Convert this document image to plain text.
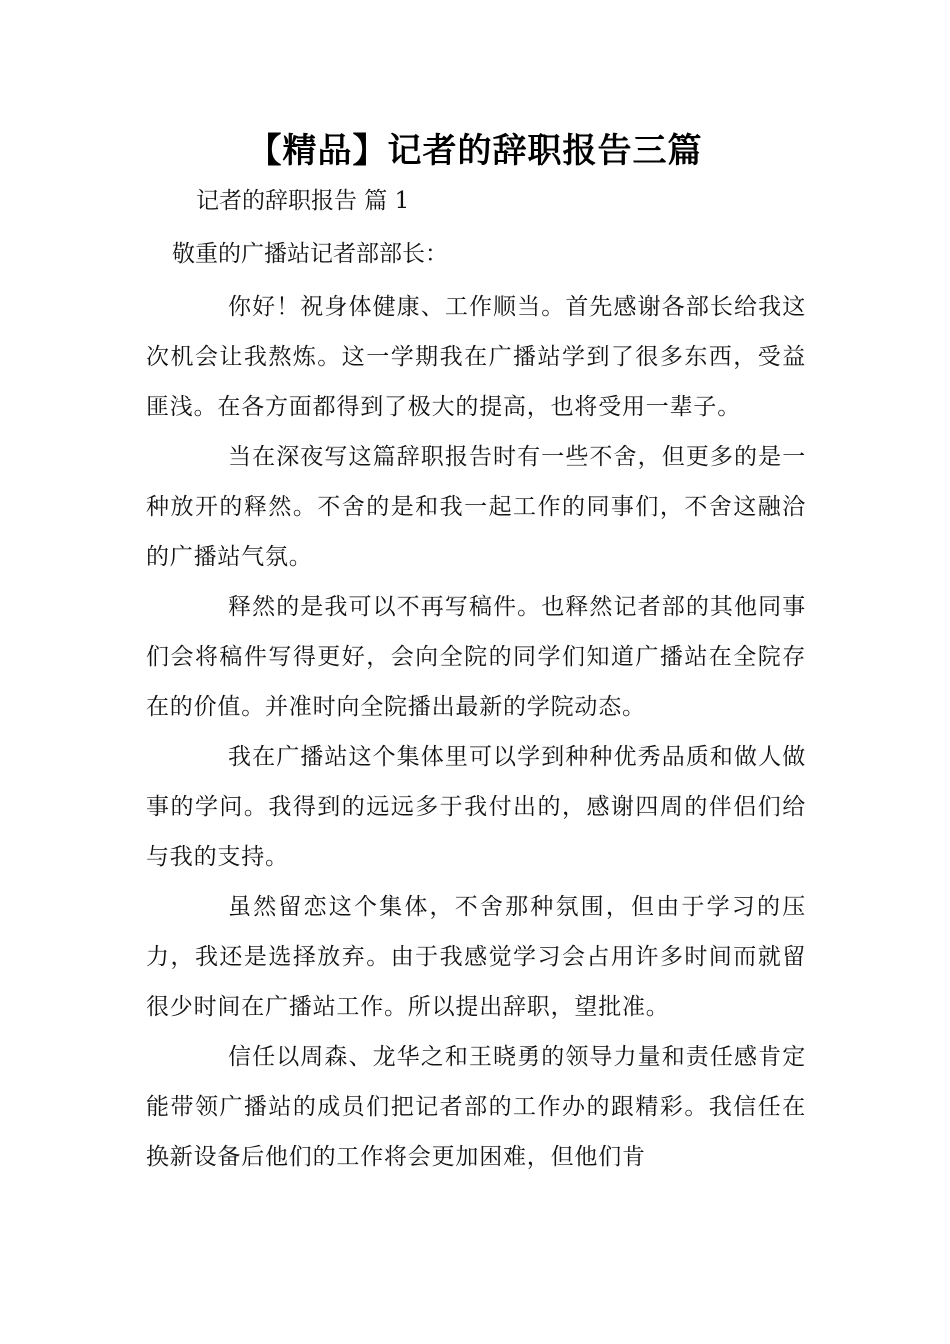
【精品】记者的辞职报告三篇
记者的辞职报告 篇 1
敬重的广播站记者部部长：

你好！祝身体健康、工作顺当。首先感谢各部长给我这次机会让我熬炼。这一学期我在广播站学到了很多东西，受益匪浅。在各方面都得到了极大的提高，也将受用一辈子。

当在深夜写这篇辞职报告时有一些不舍，但更多的是一种放开的释然。不舍的是和我一起工作的同事们，不舍这融洽的广播站气氛。

释然的是我可以不再写稿件。也释然记者部的其他同事们会将稿件写得更好，会向全院的同学们知道广播站在全院存在的价值。并准时向全院播出最新的学院动态。

我在广播站这个集体里可以学到种种优秀品质和做人做事的学问。我得到的远远多于我付出的，感谢四周的伴侣们给与我的支持。

虽然留恋这个集体，不舍那种氛围，但由于学习的压力，我还是选择放弃。由于我感觉学习会占用许多时间而就留很少时间在广播站工作。所以提出辞职，望批准。

信任以周森、龙华之和王晓勇的领导力量和责任感肯定能带领广播站的成员们把记者部的工作办的跟精彩。我信任在换新设备后他们的工作将会更加困难，但他们肯
